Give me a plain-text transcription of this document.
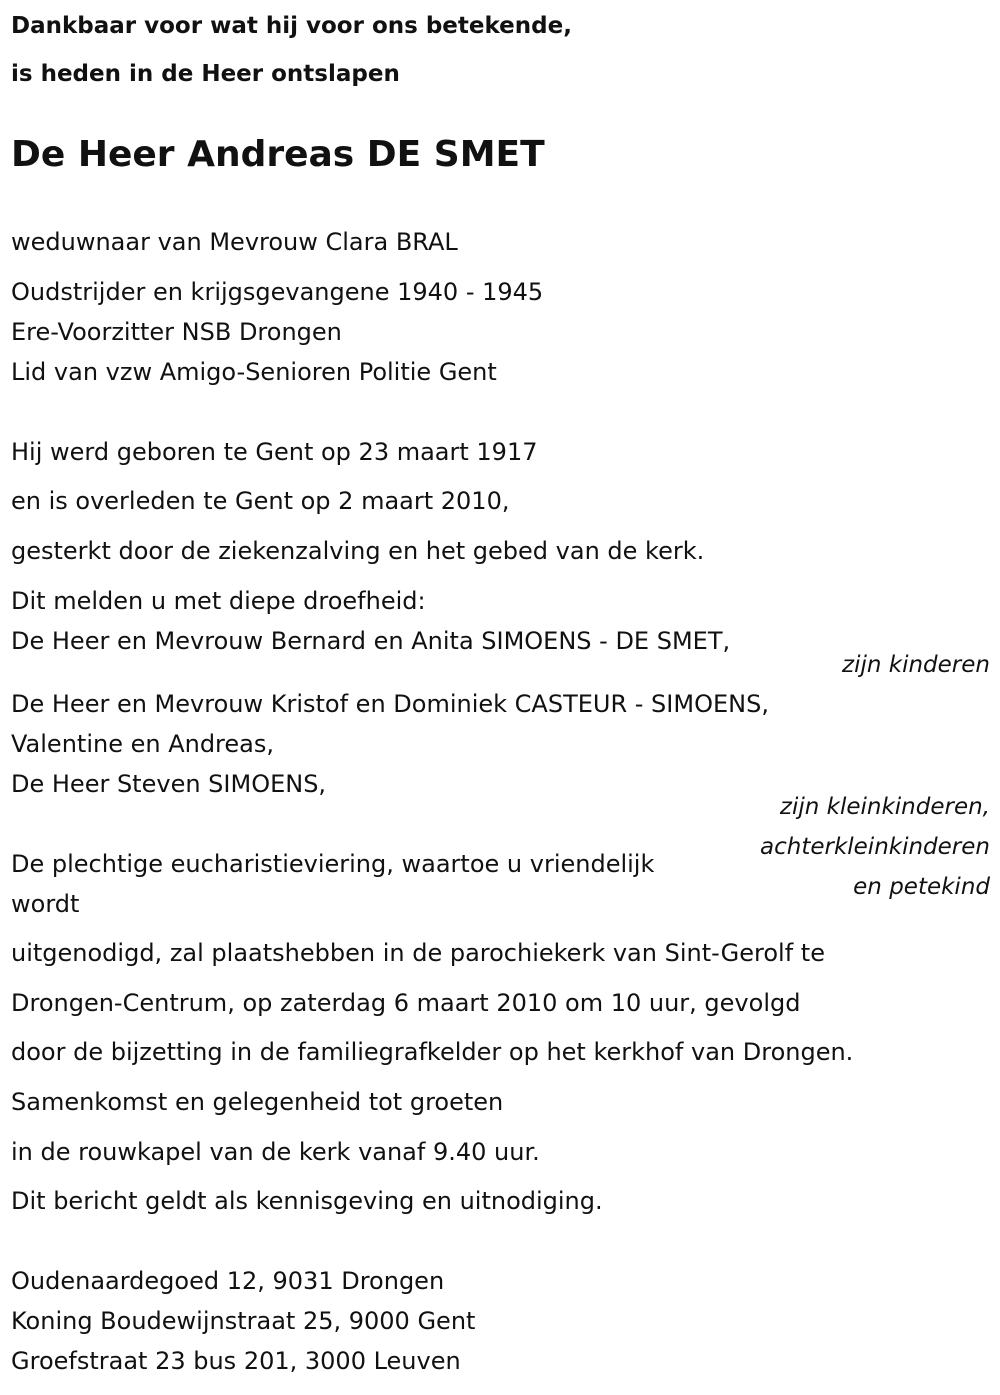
Dankbaar voor wat hij voor ons betekende,
is heden in de Heer ontslapen
De Heer Andreas DE SMET
weduwnaar van Mevrouw Clara BRAL
Oudstrijder en krijgsgevangene 1940 - 1945
Ere-Voorzitter NSB Drongen
Lid van vzw Amigo-Senioren Politie Gent
Hij werd geboren te Gent op 23 maart 1917
en is overleden te Gent op 2 maart 2010,
gesterkt door de ziekenzalving en het gebed van de kerk.
Dit melden u met diepe droefheid:
De Heer en Mevrouw Bernard en Anita SIMOENS - DE SMET,
zijn kinderen
De Heer en Mevrouw Kristof en Dominiek CASTEUR - SIMOENS,
Valentine en Andreas,
De Heer Steven SIMOENS,
zijn kleinkinderen,
achterkleinkinderen
en petekind
De plechtige eucharistieviering, waartoe u vriendelijk
wordt
uitgenodigd, zal plaatshebben in de parochiekerk van Sint-Gerolf te
Drongen-Centrum, op zaterdag 6 maart 2010 om 10 uur, gevolgd
door de bijzetting in de familiegrafkelder op het kerkhof van Drongen.
Samenkomst en gelegenheid tot groeten
in de rouwkapel van de kerk vanaf 9.40 uur.
Dit bericht geldt als kennisgeving en uitnodiging.
Oudenaardegoed 12, 9031 Drongen
Koning Boudewijnstraat 25, 9000 Gent
Groefstraat 23 bus 201, 3000 Leuven
